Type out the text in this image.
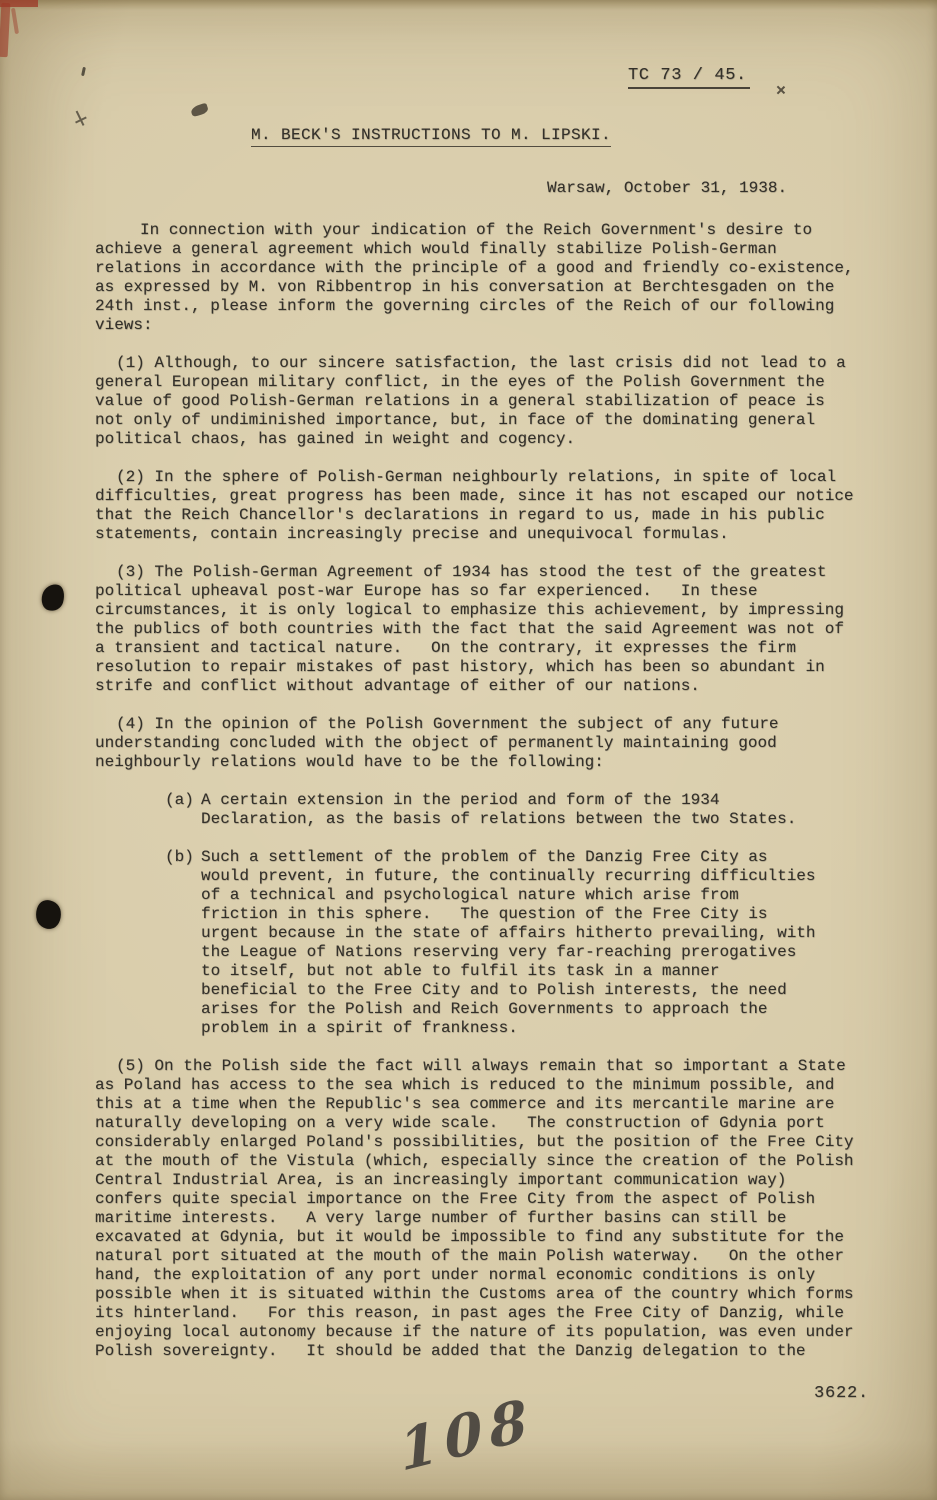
TC 73 / 45.
M. BECK'S INSTRUCTIONS TO M. LIPSKI.
Warsaw, October 31, 1938.

In connection with your indication of the Reich Government's desire to achieve a general agreement which would finally stabilize Polish-German relations in accordance with the principle of a good and friendly co-existence, as expressed by M. von Ribbentrop in his conversation at Berchtesgaden on the 24th inst., please inform the governing circles of the Reich of our following views:

(1) Although, to our sincere satisfaction, the last crisis did not lead to a general European military conflict, in the eyes of the Polish Government the value of good Polish-German relations in a general stabilization of peace is not only of undiminished importance, but, in face of the dominating general political chaos, has gained in weight and cogency.

(2) In the sphere of Polish-German neighbourly relations, in spite of local difficulties, great progress has been made, since it has not escaped our notice that the Reich Chancellor's declarations in regard to us, made in his public statements, contain increasingly precise and unequivocal formulas.

(3) The Polish-German Agreement of 1934 has stood the test of the greatest political upheaval post-war Europe has so far experienced.   In these circumstances, it is only logical to emphasize this achievement, by impressing the publics of both countries with the fact that the said Agreement was not of a transient and tactical nature.   On the contrary, it expresses the firm resolution to repair mistakes of past history, which has been so abundant in strife and conflict without advantage of either of our nations.

(4) In the opinion of the Polish Government the subject of any future understanding concluded with the object of permanently maintaining good neighbourly relations would have to be the following:

(a) A certain extension in the period and form of the 1934 Declaration, as the basis of relations between the two States.

(b) Such a settlement of the problem of the Danzig Free City as would prevent, in future, the continually recurring difficulties of a technical and psychological nature which arise from friction in this sphere.   The question of the Free City is urgent because in the state of affairs hitherto prevailing, with the League of Nations reserving very far-reaching prerogatives to itself, but not able to fulfil its task in a manner beneficial to the Free City and to Polish interests, the need arises for the Polish and Reich Governments to approach the problem in a spirit of frankness.

(5) On the Polish side the fact will always remain that so important a State as Poland has access to the sea which is reduced to the minimum possible, and this at a time when the Republic's sea commerce and its mercantile marine are naturally developing on a very wide scale.   The construction of Gdynia port considerably enlarged Poland's possibilities, but the position of the Free City at the mouth of the Vistula (which, especially since the creation of the Polish Central Industrial Area, is an increasingly important communication way) confers quite special importance on the Free City from the aspect of Polish maritime interests.   A very large number of further basins can still be excavated at Gdynia, but it would be impossible to find any substitute for the natural port situated at the mouth of the main Polish waterway.   On the other hand, the exploitation of any port under normal economic conditions is only possible when it is situated within the Customs area of the country which forms its hinterland.   For this reason, in past ages the Free City of Danzig, while enjoying local autonomy because if the nature of its population, was even under Polish sovereignty.   It should be added that the Danzig delegation to the

3622.
108
